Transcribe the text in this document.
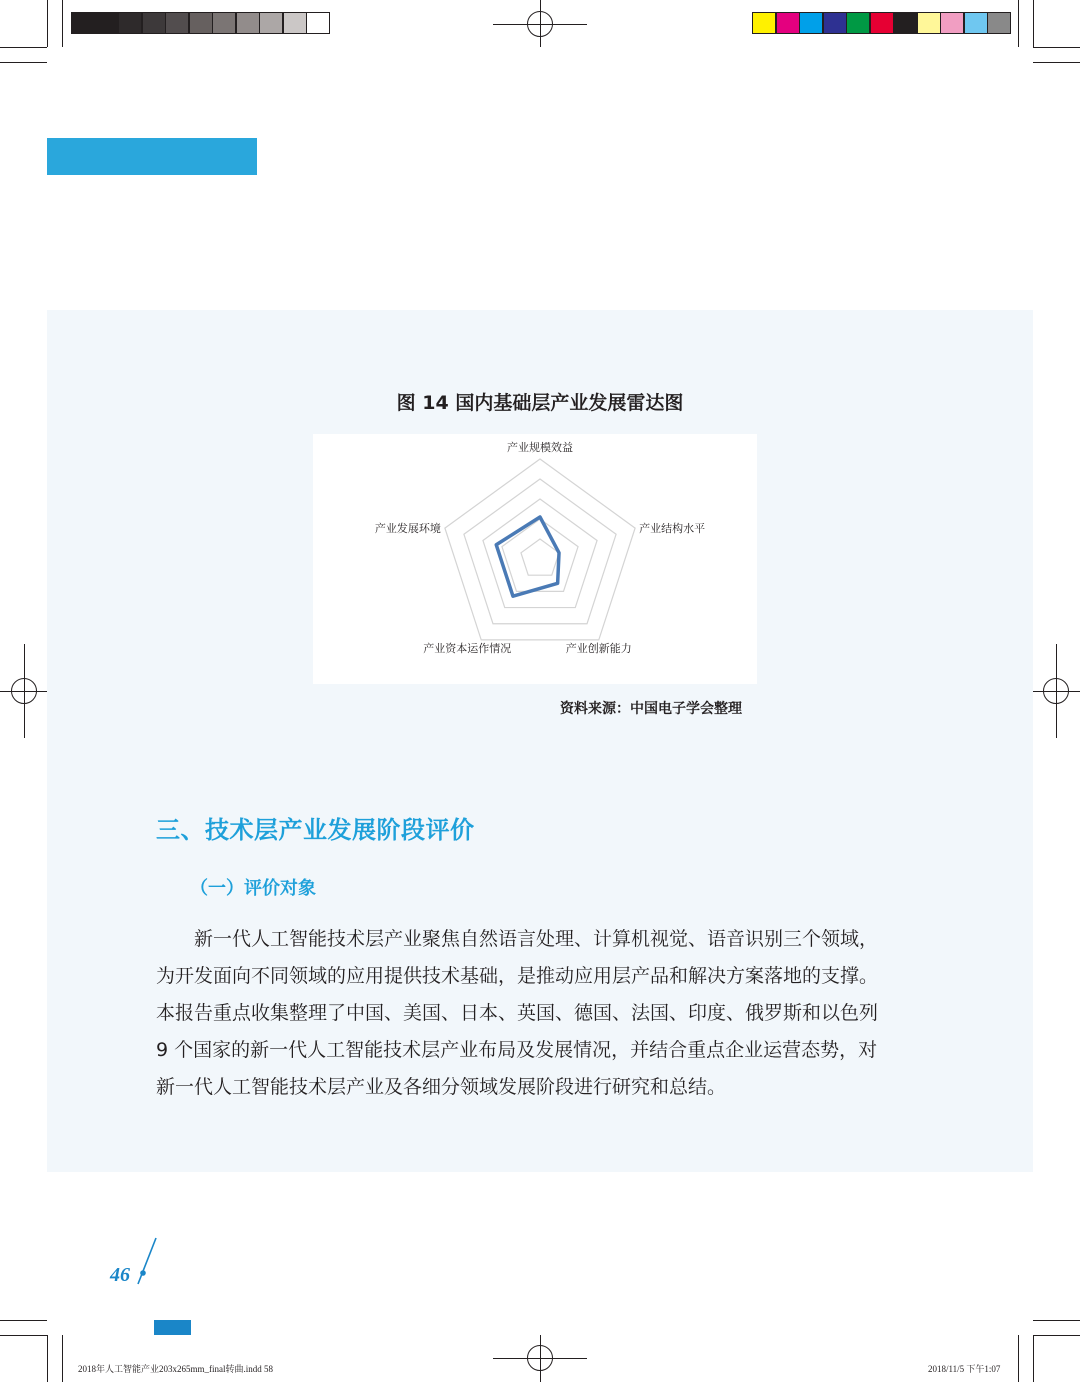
图 14 国内基础层产业发展雷达图
产业规模效益
产业结构水平
产业创新能力
产业资本运作情况
产业发展环境
资料来源：中国电子学会整理
三、技术层产业发展阶段评价
（一）评价对象

新一代人工智能技术层产业聚焦自然语言处理、计算机视觉、语音识别三个领域，

为开发面向不同领域的应用提供技术基础，是推动应用层产品和解决方案落地的支撑。

本报告重点收集整理了中国、美国、日本、英国、德国、法国、印度、俄罗斯和以色列

9 个国家的新一代人工智能技术层产业布局及发展情况，并结合重点企业运营态势，对

新一代人工智能技术层产业及各细分领域发展阶段进行研究和总结。

46
2018年人工智能产业203x265mm_final转曲.indd 58	2018/11/5 下午1:07
